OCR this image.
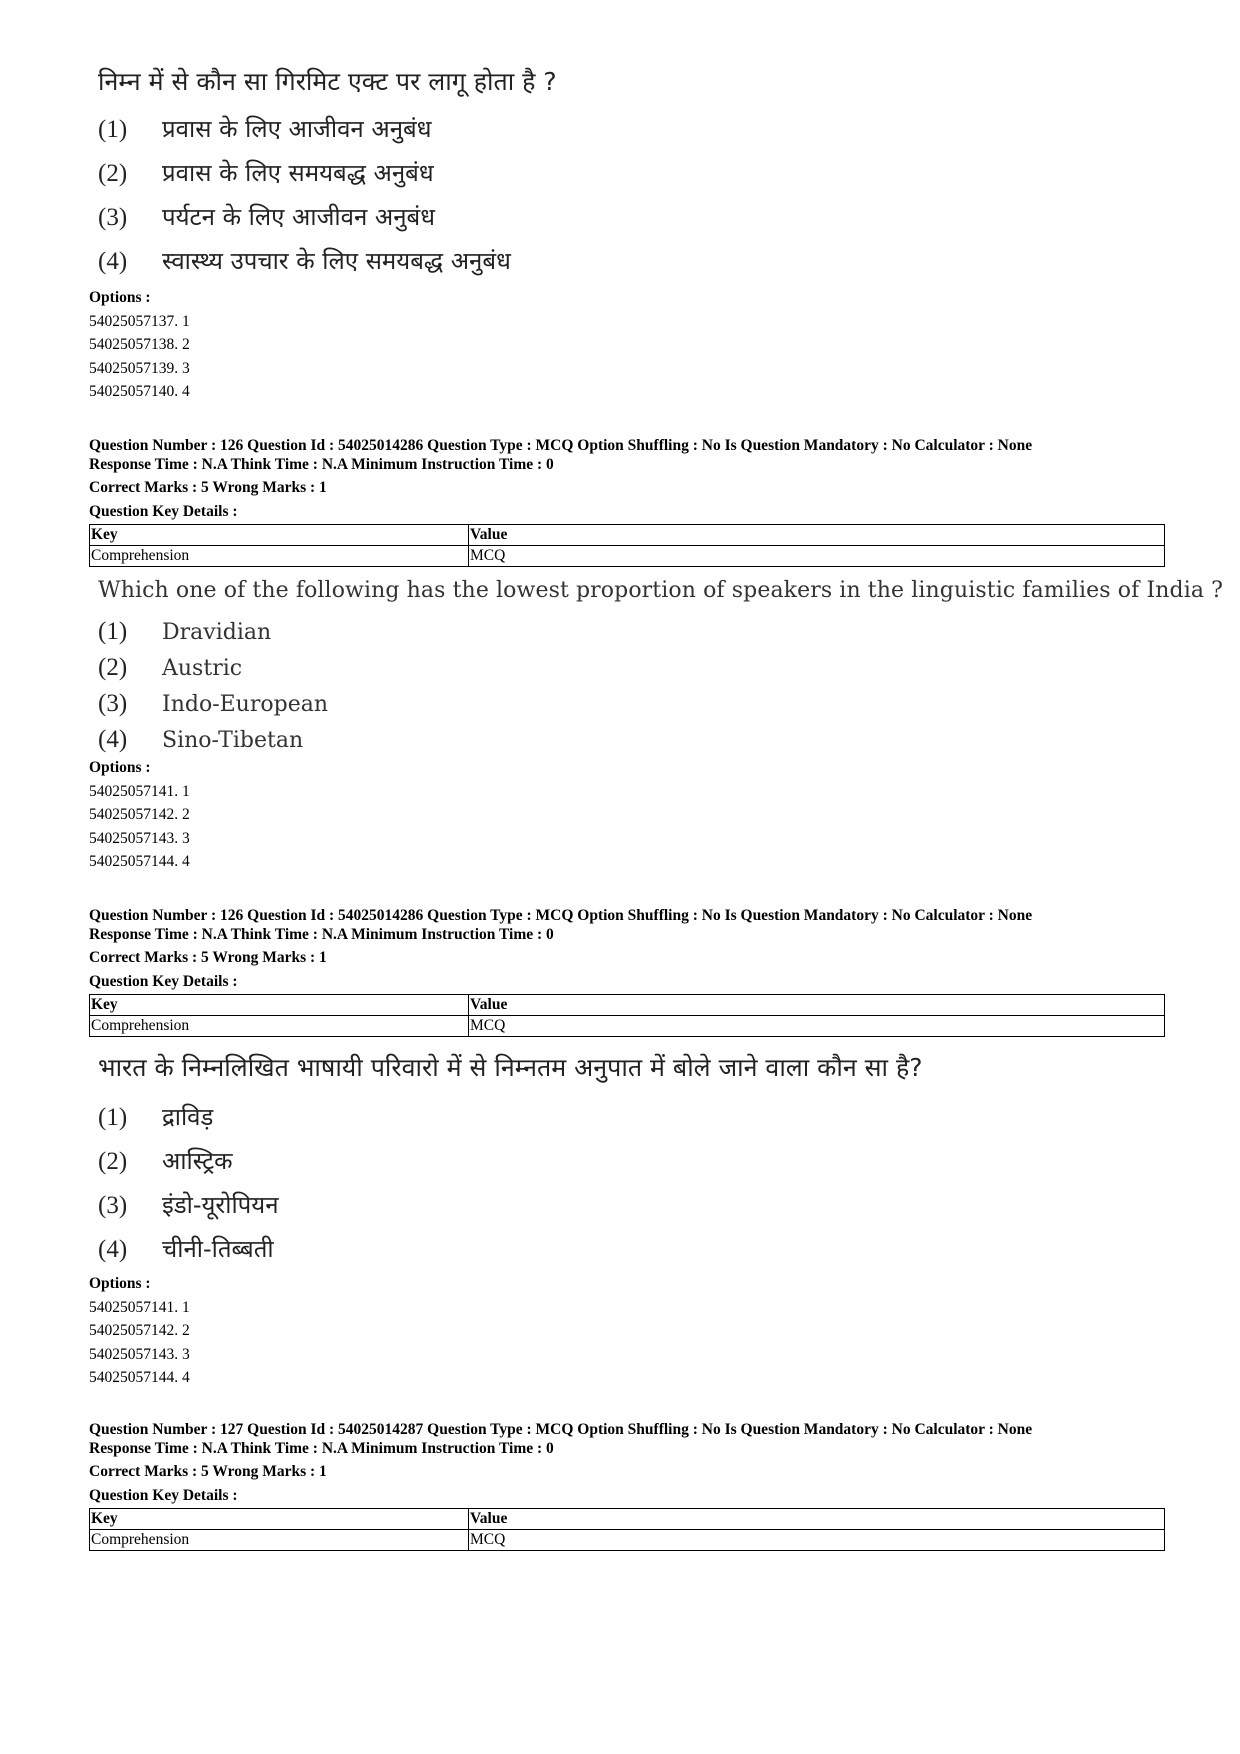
निम्न में से कौन सा गिरमिट एक्ट पर लागू होता है ?
(1)	प्रवास के लिए आजीवन अनुबंध
(2)	प्रवास के लिए समयबद्ध अनुबंध
(3)	पर्यटन के लिए आजीवन अनुबंध
(4)	स्वास्थ्य उपचार के लिए समयबद्ध अनुबंध
Options :
54025057137. 1
54025057138. 2
54025057139. 3
54025057140. 4
Question Number : 126 Question Id : 54025014286 Question Type : MCQ Option Shuffling : No Is Question Mandatory : No Calculator : None
Response Time : N.A Think Time : N.A Minimum Instruction Time : 0
Correct Marks : 5 Wrong Marks : 1
Question Key Details :
Key	Value
Comprehension	MCQ
Which one of the following has the lowest proportion of speakers in the linguistic families of India ?
(1)	Dravidian
(2)	Austric
(3)	Indo-European
(4)	Sino-Tibetan
Options :
54025057141. 1
54025057142. 2
54025057143. 3
54025057144. 4
Question Number : 126 Question Id : 54025014286 Question Type : MCQ Option Shuffling : No Is Question Mandatory : No Calculator : None
Response Time : N.A Think Time : N.A Minimum Instruction Time : 0
Correct Marks : 5 Wrong Marks : 1
Question Key Details :
Key	Value
Comprehension	MCQ
भारत के निम्नलिखित भाषायी परिवारो में से निम्नतम अनुपात में बोले जाने वाला कौन सा है?
(1)	द्राविड़
(2)	आस्ट्रिक
(3)	इंडो-यूरोपियन
(4)	चीनी-तिब्बती
Options :
54025057141. 1
54025057142. 2
54025057143. 3
54025057144. 4
Question Number : 127 Question Id : 54025014287 Question Type : MCQ Option Shuffling : No Is Question Mandatory : No Calculator : None
Response Time : N.A Think Time : N.A Minimum Instruction Time : 0
Correct Marks : 5 Wrong Marks : 1
Question Key Details :
Key	Value
Comprehension	MCQ
